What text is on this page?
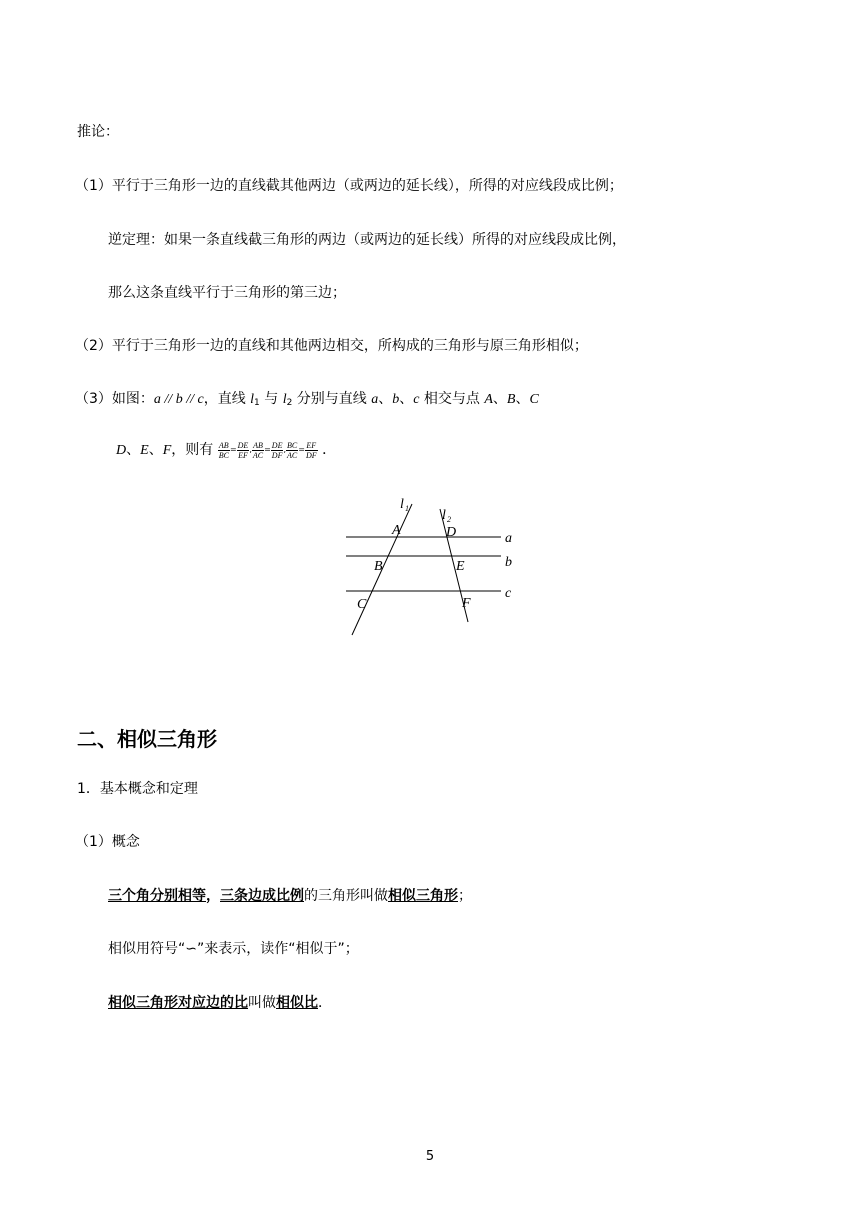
推论：
（1）平行于三角形一边的直线截其他两边（或两边的延长线），所得的对应线段成比例；
逆定理：如果一条直线截三角形的两边（或两边的延长线）所得的对应线段成比例，
那么这条直线平行于三角形的第三边；
（2）平行于三角形一边的直线和其他两边相交，所构成的三角形与原三角形相似；
（3）如图：a // b // c，直线 $l_1$ 与 $l_2$ 分别与直线 a、b、c 相交与点 A、B、C
D、E、F，则有 $\frac{AB}{BC} = \frac{DE}{EF}$ , $\frac{AB}{AC} = \frac{DE}{DF}$ , $\frac{BC}{AC} = \frac{EF}{DF}$ ．
l 1 l 2
A	D
B	E
C	F
a
b
c
二、相似三角形
1．基本概念和定理
（1）概念
三个角分别相等，三条边成比例的三角形叫做相似三角形；
相似用符号“∽”来表示，读作“相似于”；
相似三角形对应边的比叫做相似比．
5
